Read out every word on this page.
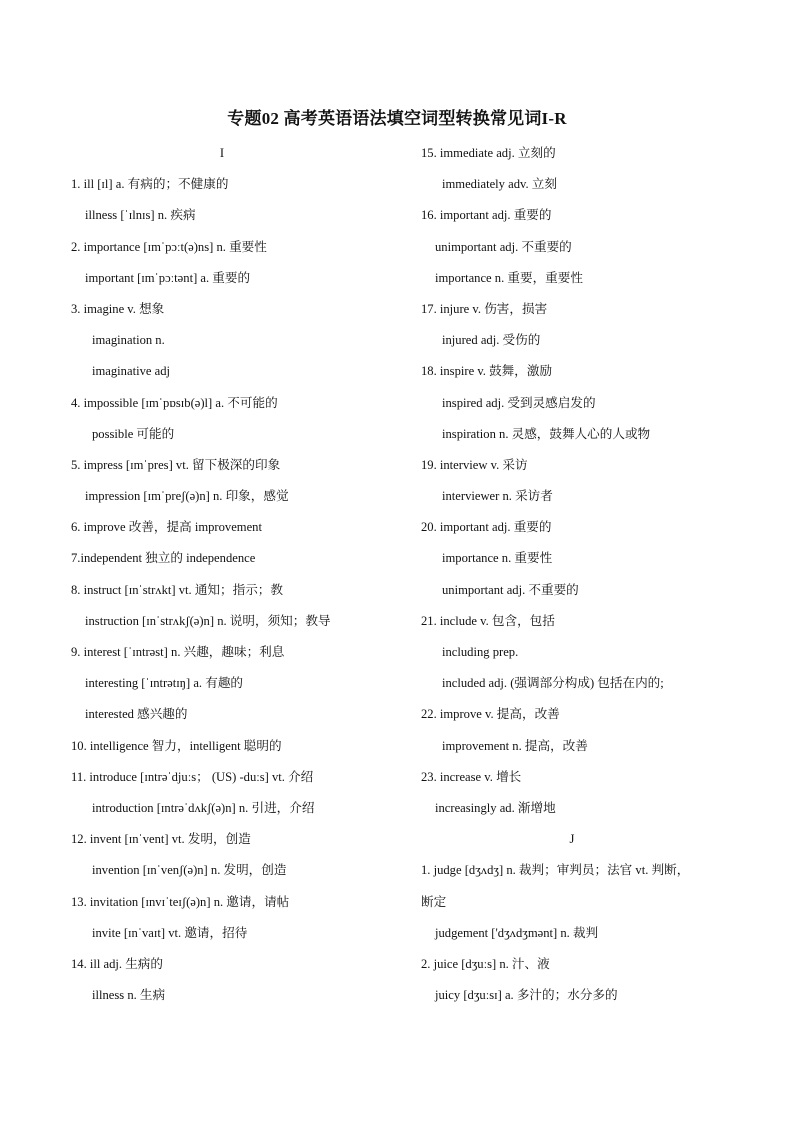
专题02 高考英语语法填空词型转换常见词I-R
I
1. ill [ɪl] a. 有病的；不健康的
illness [ˈɪlnɪs] n. 疾病
2. importance [ɪmˈpɔːt(ə)ns] n. 重要性
important [ɪmˈpɔːtənt] a. 重要的
3. imagine v. 想象
imagination n.
imaginative adj
4. impossible [ɪmˈpɒsɪb(ə)l] a. 不可能的
possible 可能的
5. impress [ɪmˈpres] vt. 留下极深的印象
impression [ɪmˈpreʃ(ə)n] n. 印象，感觉
6. improve 改善，提高 improvement
7.independent 独立的 independence
8. instruct [ɪnˈstrʌkt] vt. 通知；指示；教
instruction [ɪnˈstrʌkʃ(ə)n] n. 说明，须知；教导
9. interest [ˈɪntrəst] n. 兴趣，趣味；利息
interesting [ˈɪntrətɪŋ] a. 有趣的
interested 感兴趣的
10. intelligence 智力，intelligent 聪明的
11. introduce [ɪntrəˈdjuːs； (US) -duːs] vt. 介绍
introduction [ɪntrəˈdʌkʃ(ə)n] n. 引进，介绍
12. invent [ɪnˈvent] vt. 发明，创造
invention [ɪnˈvenʃ(ə)n] n. 发明，创造
13. invitation [ɪnvɪˈteɪʃ(ə)n] n. 邀请，请帖
invite [ɪnˈvaɪt] vt. 邀请，招待
14. ill adj. 生病的
illness n. 生病
15. immediate adj. 立刻的
immediately adv. 立刻
16. important adj. 重要的
unimportant adj. 不重要的
importance n. 重要，重要性
17. injure v. 伤害，损害
injured adj. 受伤的
18. inspire v. 鼓舞，激励
inspired adj. 受到灵感启发的
inspiration n. 灵感，鼓舞人心的人或物
19. interview v. 采访
interviewer n. 采访者
20. important adj. 重要的
importance n. 重要性
unimportant adj. 不重要的
21. include v. 包含，包括
including prep.
included adj. (强调部分构成) 包括在内的;
22. improve v. 提高，改善
improvement n. 提高，改善
23. increase v. 增长
increasingly ad. 渐增地
J
1. judge [dʒʌdʒ] n. 裁判；审判员；法官 vt. 判断，
断定
judgement ['dʒʌdʒmənt] n. 裁判
2. juice [dʒuːs] n. 汁、液
juicy [dʒuːsɪ] a. 多汁的；水分多的
